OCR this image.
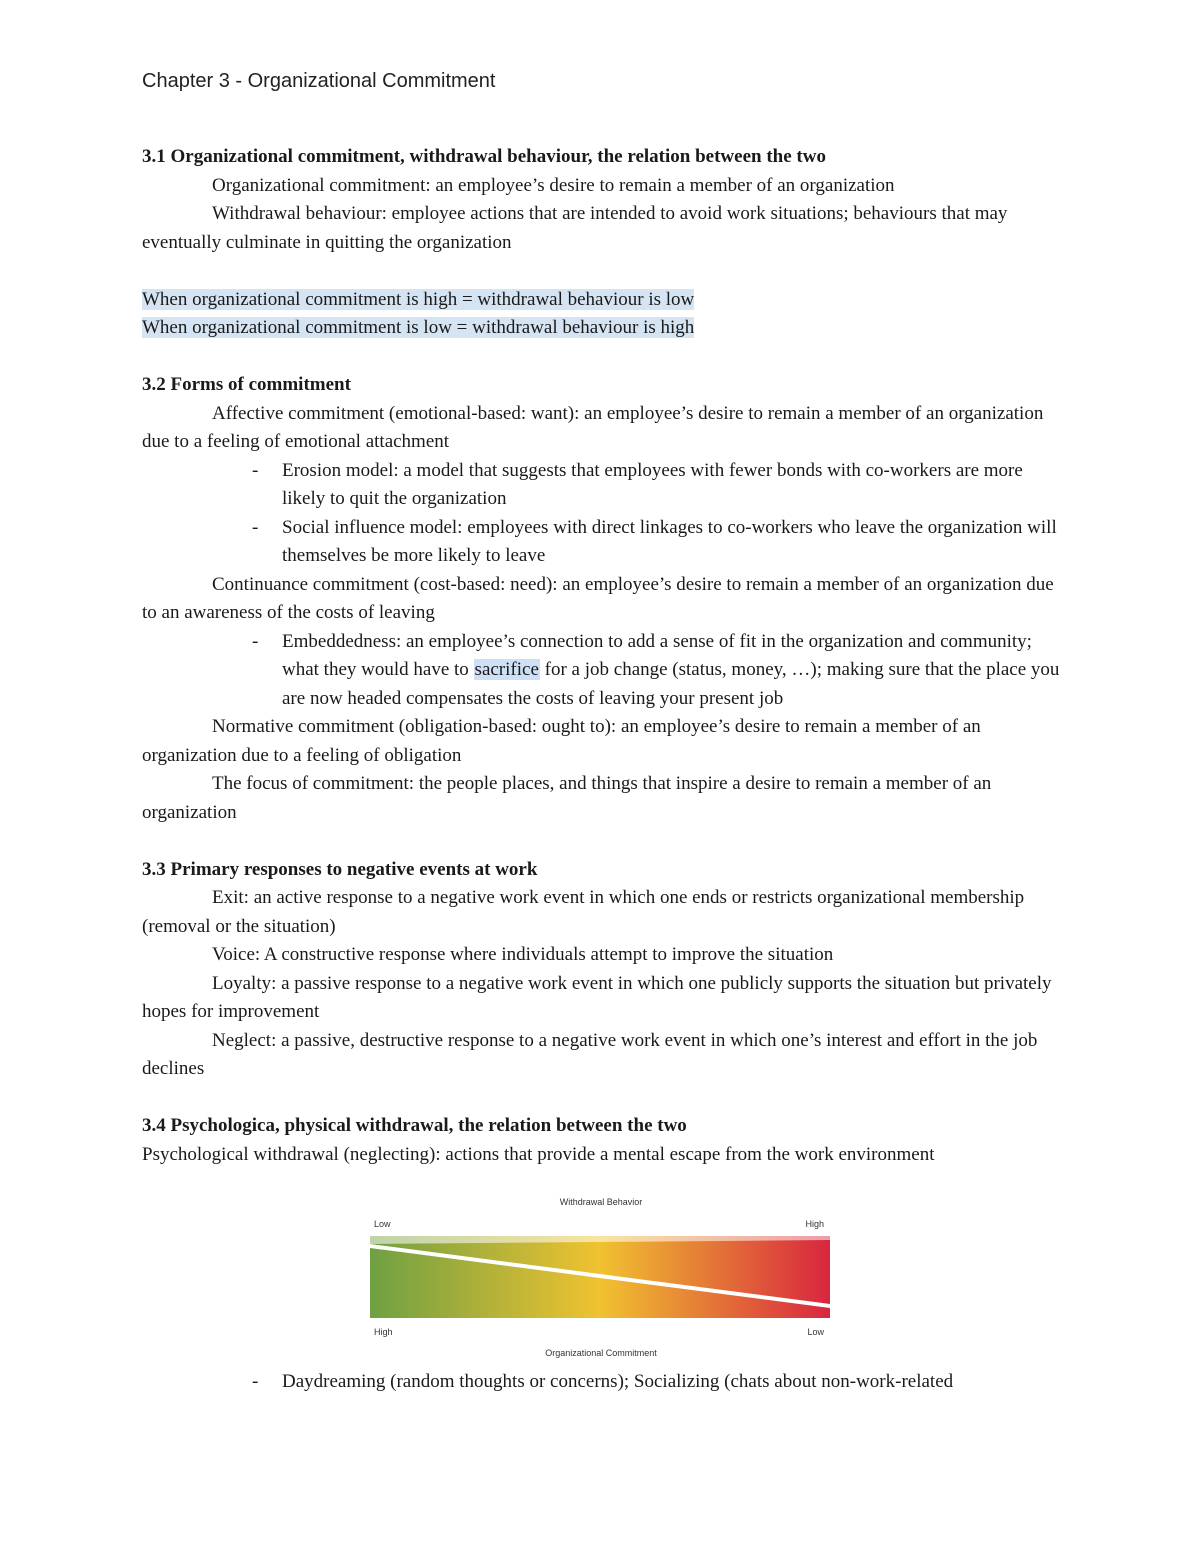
Chapter 3 - Organizational Commitment

3.1 Organizational commitment, withdrawal behaviour, the relation between the two

Organizational commitment: an employee’s desire to remain a member of an organization

Withdrawal behaviour: employee actions that are intended to avoid work situations; behaviours that may eventually culminate in quitting the organization

When organizational commitment is high = withdrawal behaviour is low

When organizational commitment is low = withdrawal behaviour is high

3.2 Forms of commitment

Affective commitment (emotional-based: want): an employee’s desire to remain a member of an organization due to a feeling of emotional attachment

- Erosion model: a model that suggests that employees with fewer bonds with co-workers are more likely to quit the organization
- Social influence model: employees with direct linkages to co-workers who leave the organization will themselves be more likely to leave

Continuance commitment (cost-based: need): an employee’s desire to remain a member of an organization due to an awareness of the costs of leaving

- Embeddedness: an employee’s connection to add a sense of fit in the organization and community; what they would have to sacrifice for a job change (status, money, …); making sure that the place you are now headed compensates the costs of leaving your present job

Normative commitment (obligation-based: ought to): an employee’s desire to remain a member of an organization due to a feeling of obligation

The focus of commitment: the people places, and things that inspire a desire to remain a member of an organization

3.3 Primary responses to negative events at work

Exit: an active response to a negative work event in which one ends or restricts organizational membership (removal or the situation)

Voice: A constructive response where individuals attempt to improve the situation

Loyalty: a passive response to a negative work event in which one publicly supports the situation but privately hopes for improvement

Neglect: a passive, destructive response to a negative work event in which one’s interest and effort in the job declines

3.4 Psychologica, physical withdrawal, the relation between the two

Psychological withdrawal (neglecting): actions that provide a mental escape from the work environment

Withdrawal Behavior
Low	High
High	Low
Organizational Commitment
- Daydreaming (random thoughts or concerns); Socializing (chats about non-work-related
